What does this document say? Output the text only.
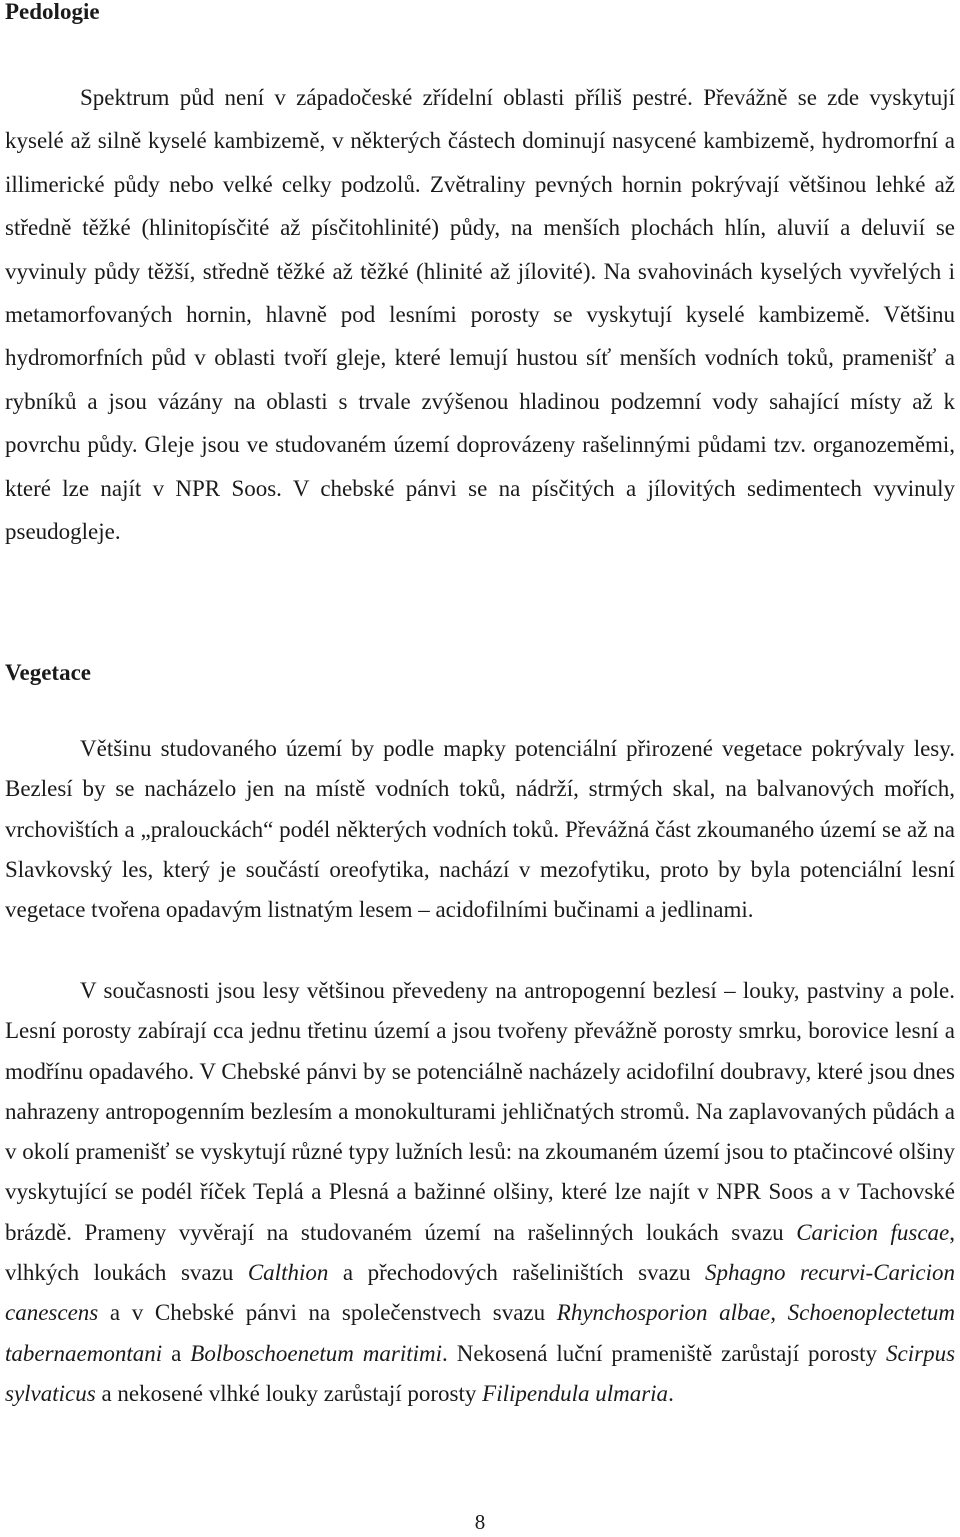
Pedologie

Spektrum půd není v západočeské zřídelní oblasti příliš pestré. Převážně se zde vyskytují kyselé až silně kyselé kambizemě, v některých částech dominují nasycené kambizemě, hydromorfní a illimerické půdy nebo velké celky podzolů. Zvětraliny pevných hornin pokrývají většinou lehké až středně těžké (hlinitopísčité až písčitohlinité) půdy, na menších plochách hlín, aluvií a deluvií se vyvinuly půdy těžší, středně těžké až těžké (hlinité až jílovité). Na svahovinách kyselých vyvřelých i metamorfovaných hornin, hlavně pod lesními porosty se vyskytují kyselé kambizemě. Většinu hydromorfních půd v oblasti tvoří gleje, které lemují hustou síť menších vodních toků, pramenišť a rybníků a jsou vázány na oblasti s trvale zvýšenou hladinou podzemní vody sahající místy až k povrchu půdy. Gleje jsou ve studovaném území doprovázeny rašelinnými půdami tzv. organozeměmi, které lze najít v NPR Soos. V chebské pánvi se na písčitých a jílovitých sedimentech vyvinuly pseudogleje.

Vegetace

Většinu studovaného území by podle mapky potenciální přirozené vegetace pokrývaly lesy. Bezlesí by se nacházelo jen na místě vodních toků, nádrží, strmých skal, na balvanových mořích, vrchovištích a „pralouckách“ podél některých vodních toků. Převážná část zkoumaného území se až na Slavkovský les, který je součástí oreofytika, nachází v mezofytiku, proto by byla potenciální lesní vegetace tvořena opadavým listnatým lesem – acidofilními bučinami a jedlinami.

V současnosti jsou lesy většinou převedeny na antropogenní bezlesí – louky, pastviny a pole. Lesní porosty zabírají cca jednu třetinu území a jsou tvořeny převážně porosty smrku, borovice lesní a modřínu opadavého. V Chebské pánvi by se potenciálně nacházely acidofilní doubravy, které jsou dnes nahrazeny antropogenním bezlesím a monokulturami jehličnatých stromů. Na zaplavovaných půdách a v okolí pramenišť se vyskytují různé typy lužních lesů: na zkoumaném území jsou to ptačincové olšiny vyskytující se podél říček Teplá a Plesná a bažinné olšiny, které lze najít v NPR Soos a v Tachovské brázdě. Prameny vyvěrají na studovaném území na rašelinných loukách svazu Caricion fuscae, vlhkých loukách svazu Calthion a přechodových rašeliništích svazu Sphagno recurvi-Caricion canescens a v Chebské pánvi na společenstvech svazu Rhynchosporion albae, Schoenoplectetum tabernaemontani a Bolboschoenetum maritimi. Nekosená luční prameniště zarůstají porosty Scirpus sylvaticus a nekosené vlhké louky zarůstají porosty Filipendula ulmaria.

8
